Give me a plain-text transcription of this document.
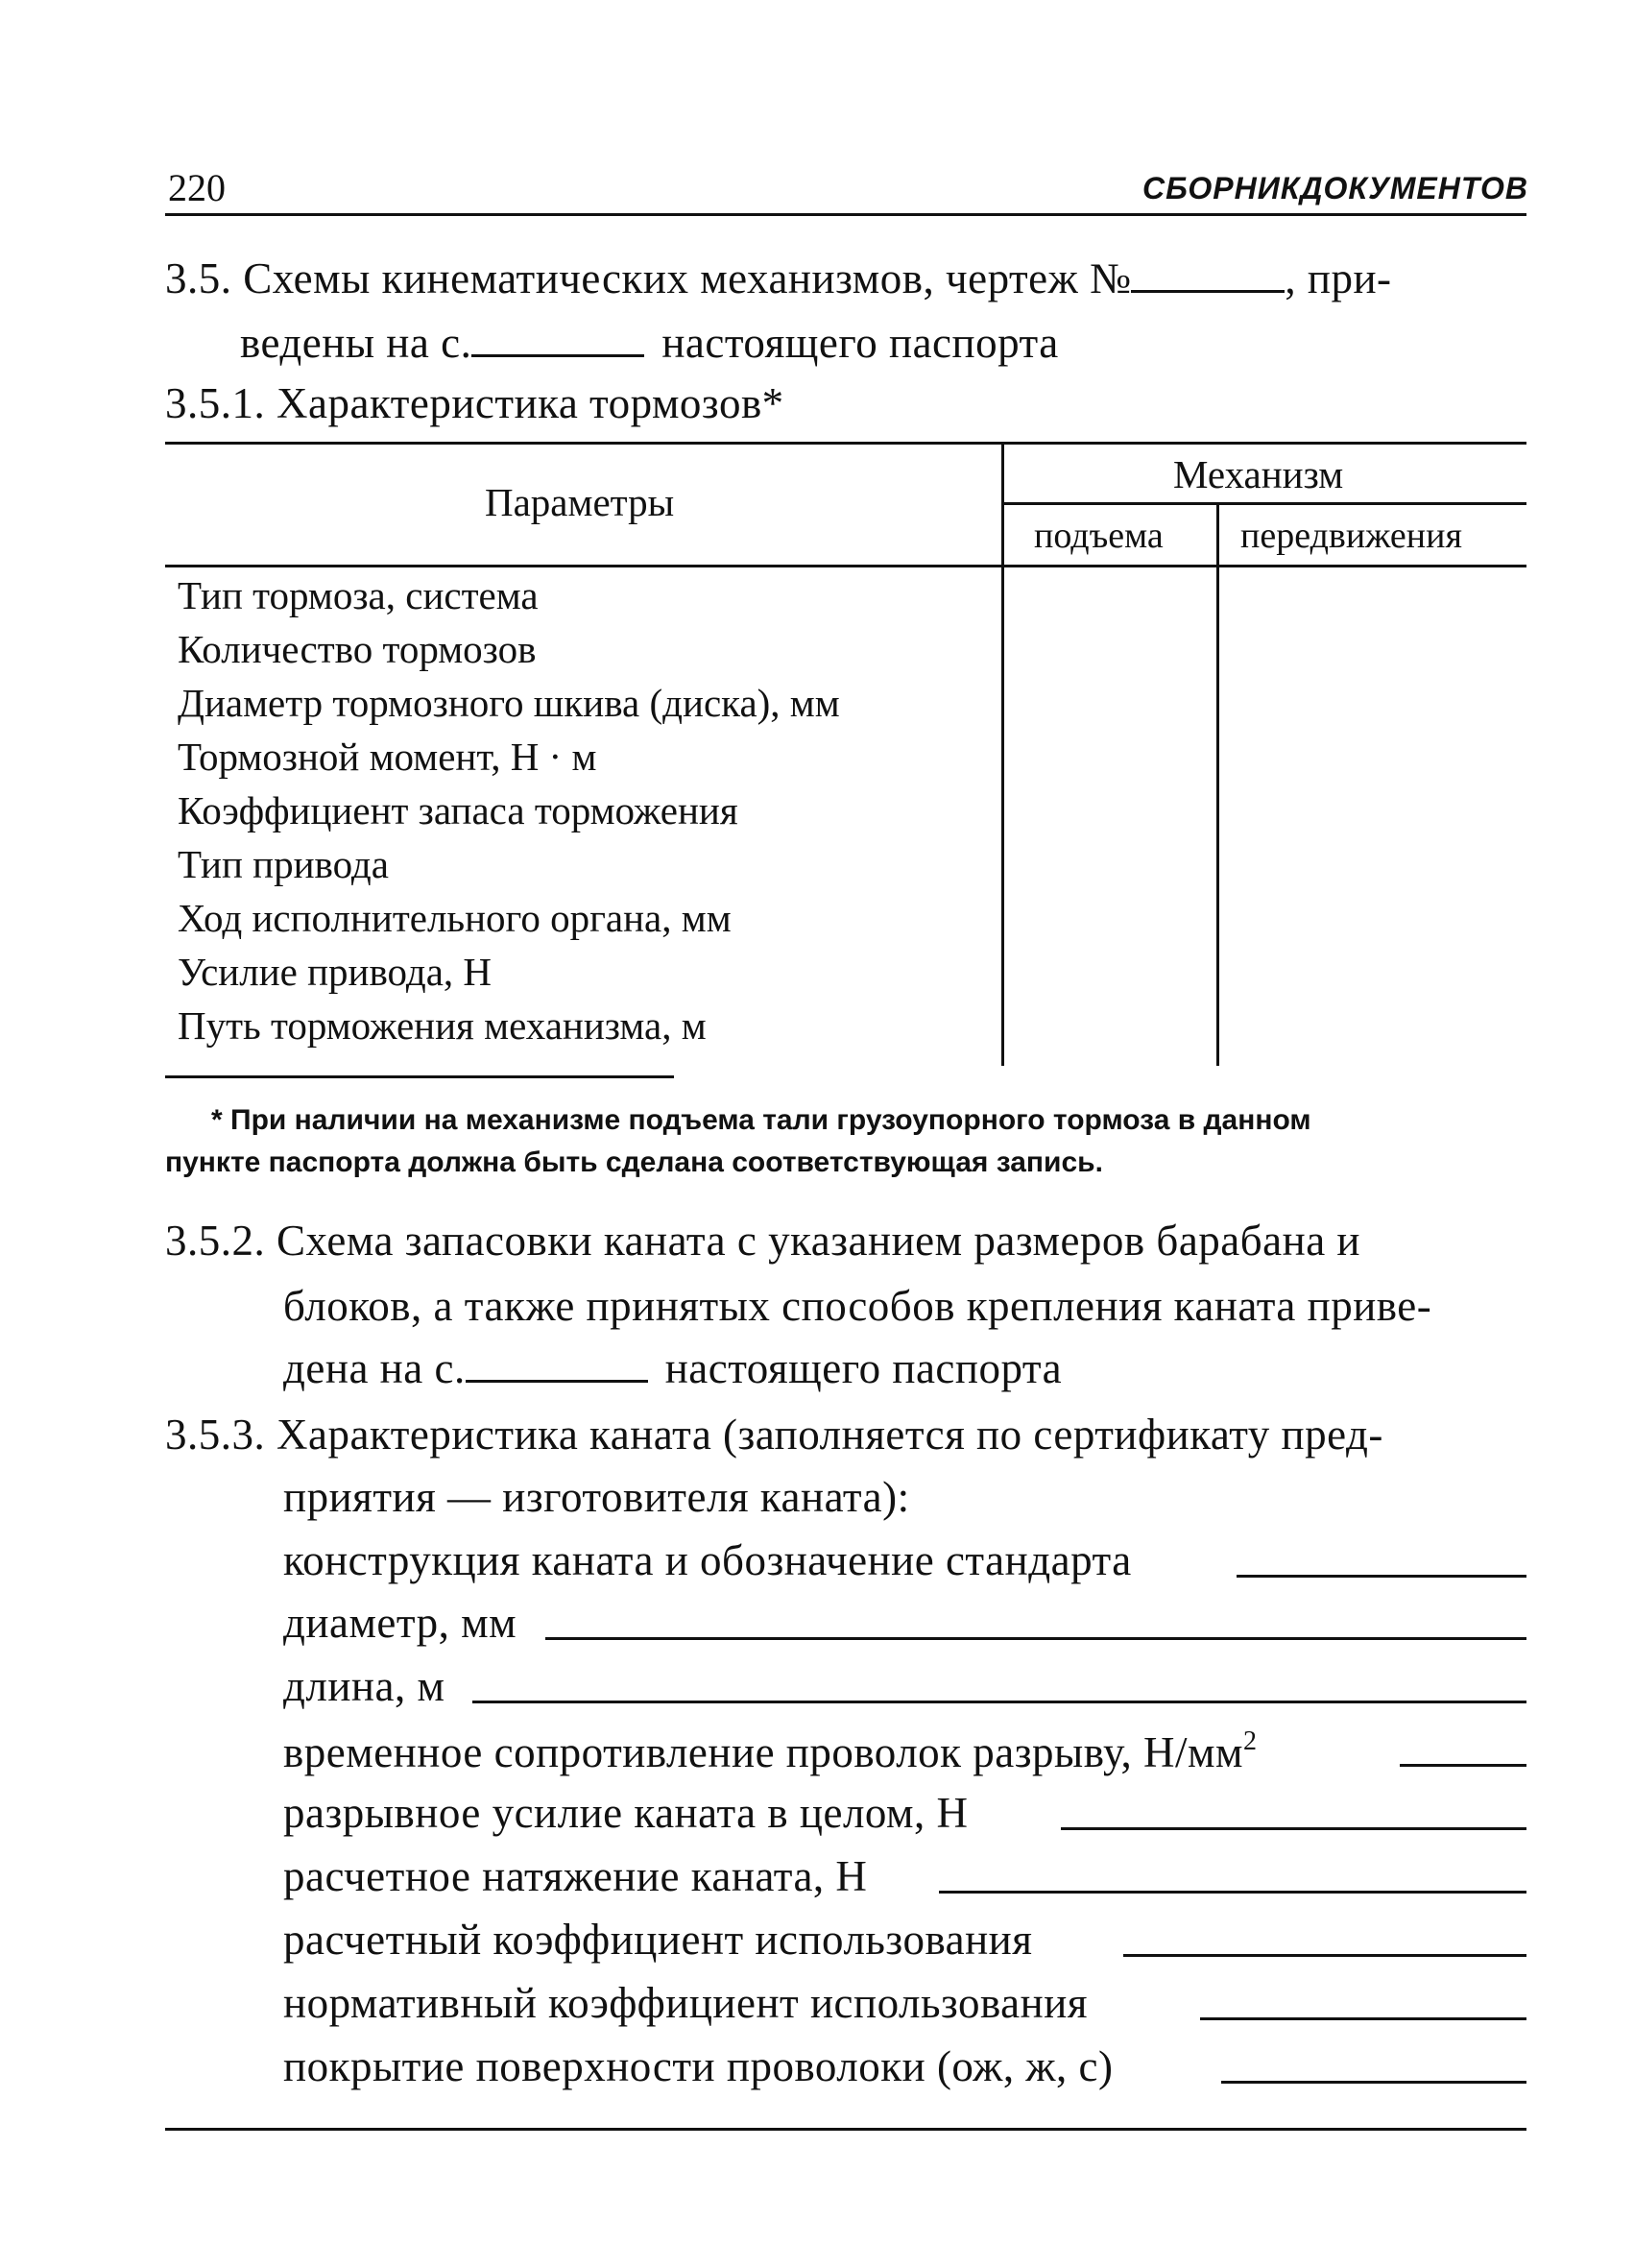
220	СБОРНИКДОКУМЕНТОВ
3.5. Схемы кинематических механизмов, чертеж №	, при-
ведены на с.	настоящего паспорта
3.5.1. Характеристика тормозов*
Параметры
Механизм
подъема передвижения
Тип тормоза, система
Количество тормозов
Диаметр тормозного шкива (диска), мм
Тормозной момент, Н · м
Коэффициент запаса торможения
Тип привода
Ход исполнительного органа, мм
Усилие привода, Н
Путь торможения механизма, м
* При наличии на механизме подъема тали грузоупорного тормоза в данном
пункте паспорта должна быть сделана соответствующая запись.
3.5.2. Схема запасовки каната с указанием размеров барабана и
блоков, а также принятых способов крепления каната приве-
дена на с.	настоящего паспорта
3.5.3. Характеристика каната (заполняется по сертификату пред-
приятия — изготовителя каната):
конструкция каната и обозначение стандарта
диаметр, мм
длина, м
временное сопротивление проволок разрыву, $Н/мм^2$
разрывное усилие каната в целом, Н
расчетное натяжение каната, Н
расчетный коэффициент использования
нормативный коэффициент использования
покрытие поверхности проволоки (ож, ж, с)
